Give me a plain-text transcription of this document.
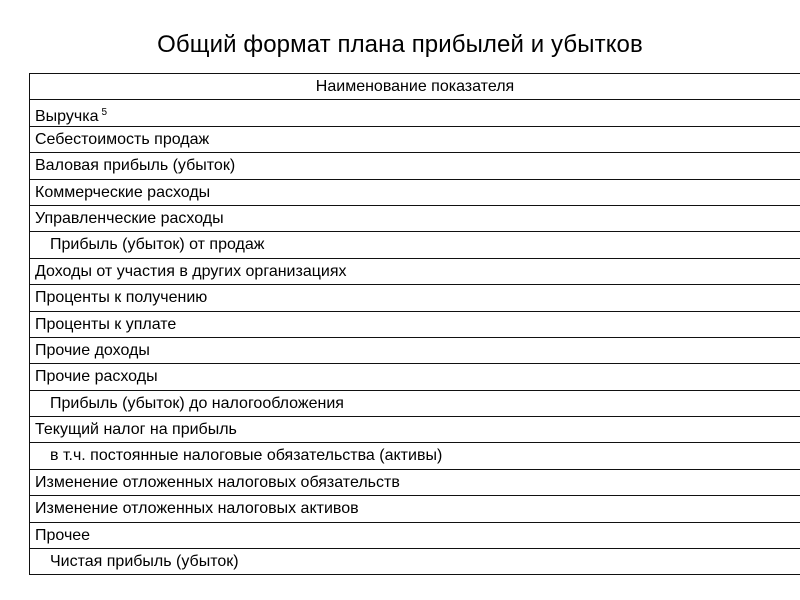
Общий формат плана прибылей и убытков
Наименование показателя
Выручка $^5$
Себестоимость продаж
Валовая прибыль (убыток)
Коммерческие расходы
Управленческие расходы
Прибыль (убыток) от продаж
Доходы от участия в других организациях
Проценты к получению
Проценты к уплате
Прочие доходы
Прочие расходы
Прибыль (убыток) до налогообложения
Текущий налог на прибыль
в т.ч. постоянные налоговые обязательства (активы)
Изменение отложенных налоговых обязательств
Изменение отложенных налоговых активов
Прочее
Чистая прибыль (убыток)
